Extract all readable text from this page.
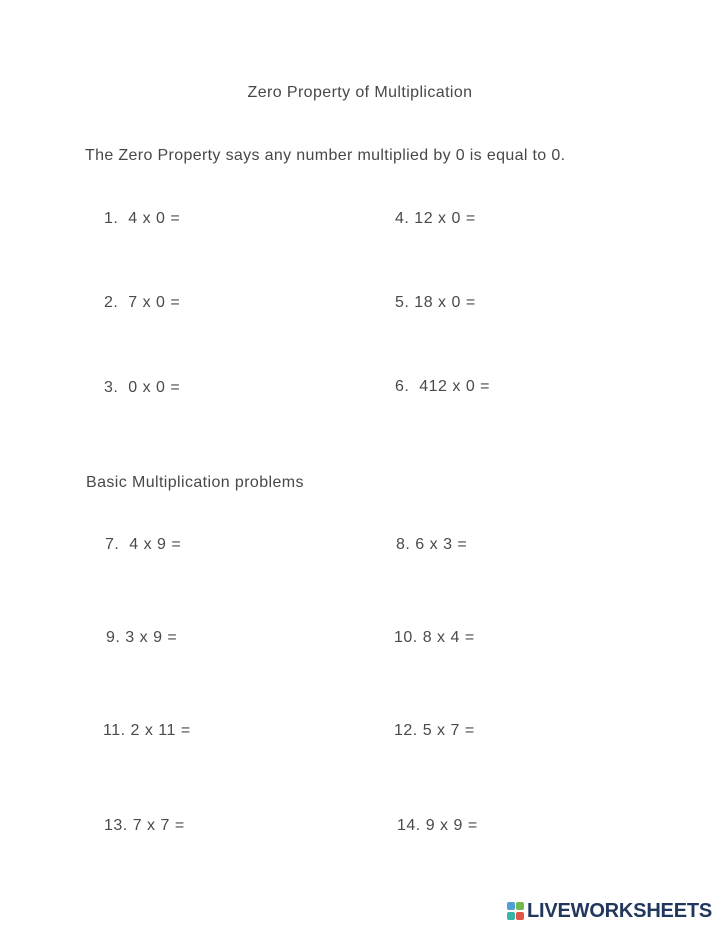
Zero Property of Multiplication
The Zero Property says any number multiplied by 0 is equal to 0.
1.  4 x 0 =	4. 12 x 0 =
2.  7 x 0 =	5. 18 x 0 =
3.  0 x 0 =	6.  412 x 0 =
Basic Multiplication problems
7.  4 x 9 =	8. 6 x 3 =
9. 3 x 9 =	10. 8 x 4 =
11. 2 x 11 =	12. 5 x 7 =
13. 7 x 7 =	14. 9 x 9 =
LIVEWORKSHEETS
